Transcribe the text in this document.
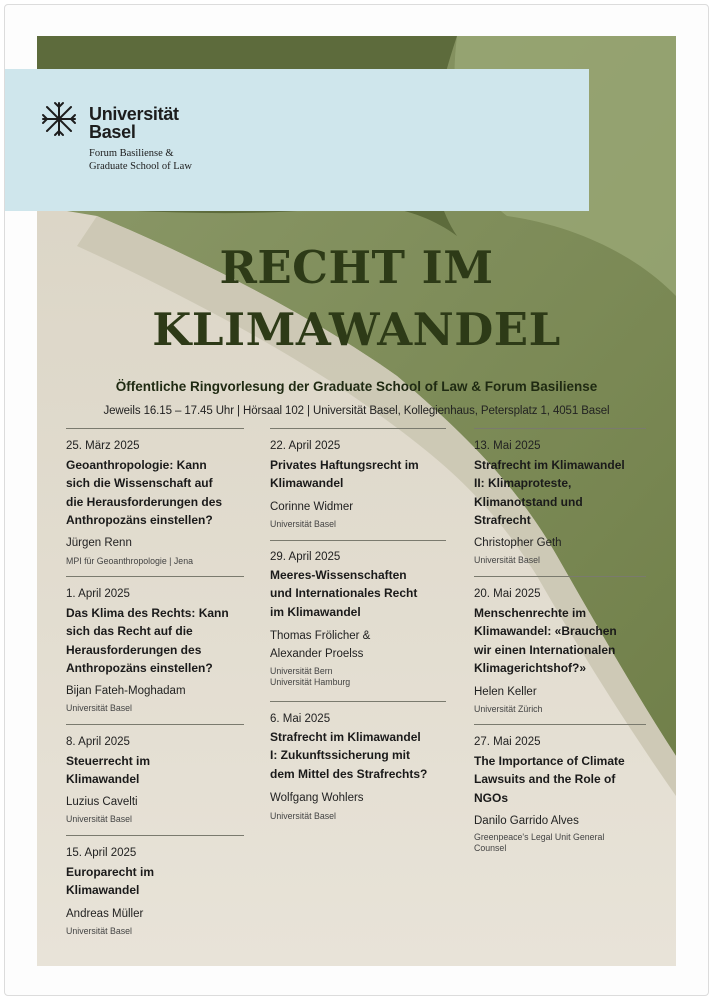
Universität
Basel
Forum Basiliense &
Graduate School of Law
RECHT IM
KLIMAWANDEL
Öffentliche Ringvorlesung der Graduate School of Law & Forum Basiliense
Jeweils 16.15 – 17.45 Uhr | Hörsaal 102 | Universität Basel, Kollegienhaus, Petersplatz 1, 4051 Basel
25. März 2025
Geoanthropologie: Kann
sich die Wissenschaft auf
die Herausforderungen des
Anthropozäns einstellen?
Jürgen Renn
MPI für Geoanthropologie | Jena
1. April 2025
Das Klima des Rechts: Kann
sich das Recht auf die
Herausforderungen des
Anthropozäns einstellen?
Bijan Fateh-Moghadam
Universität Basel
8. April 2025
Steuerrecht im
Klimawandel
Luzius Cavelti
Universität Basel
15. April 2025
Europarecht im
Klimawandel
Andreas Müller
Universität Basel
22. April 2025
Privates Haftungsrecht im
Klimawandel
Corinne Widmer
Universität Basel
29. April 2025
Meeres-Wissenschaften
und Internationales Recht
im Klimawandel
Thomas Frölicher &
Alexander Proelss
Universität Bern
Universität Hamburg
6. Mai 2025
Strafrecht im Klimawandel
I: Zukunftssicherung mit
dem Mittel des Strafrechts?
Wolfgang Wohlers
Universität Basel
13. Mai 2025
Strafrecht im Klimawandel
II: Klimaproteste,
Klimanotstand und
Strafrecht
Christopher Geth
Universität Basel
20. Mai 2025
Menschenrechte im
Klimawandel: «Brauchen
wir einen Internationalen
Klimagerichtshof?»
Helen Keller
Universität Zürich
27. Mai 2025
The Importance of Climate
Lawsuits and the Role of
NGOs
Danilo Garrido Alves
Greenpeace's Legal Unit General
Counsel
